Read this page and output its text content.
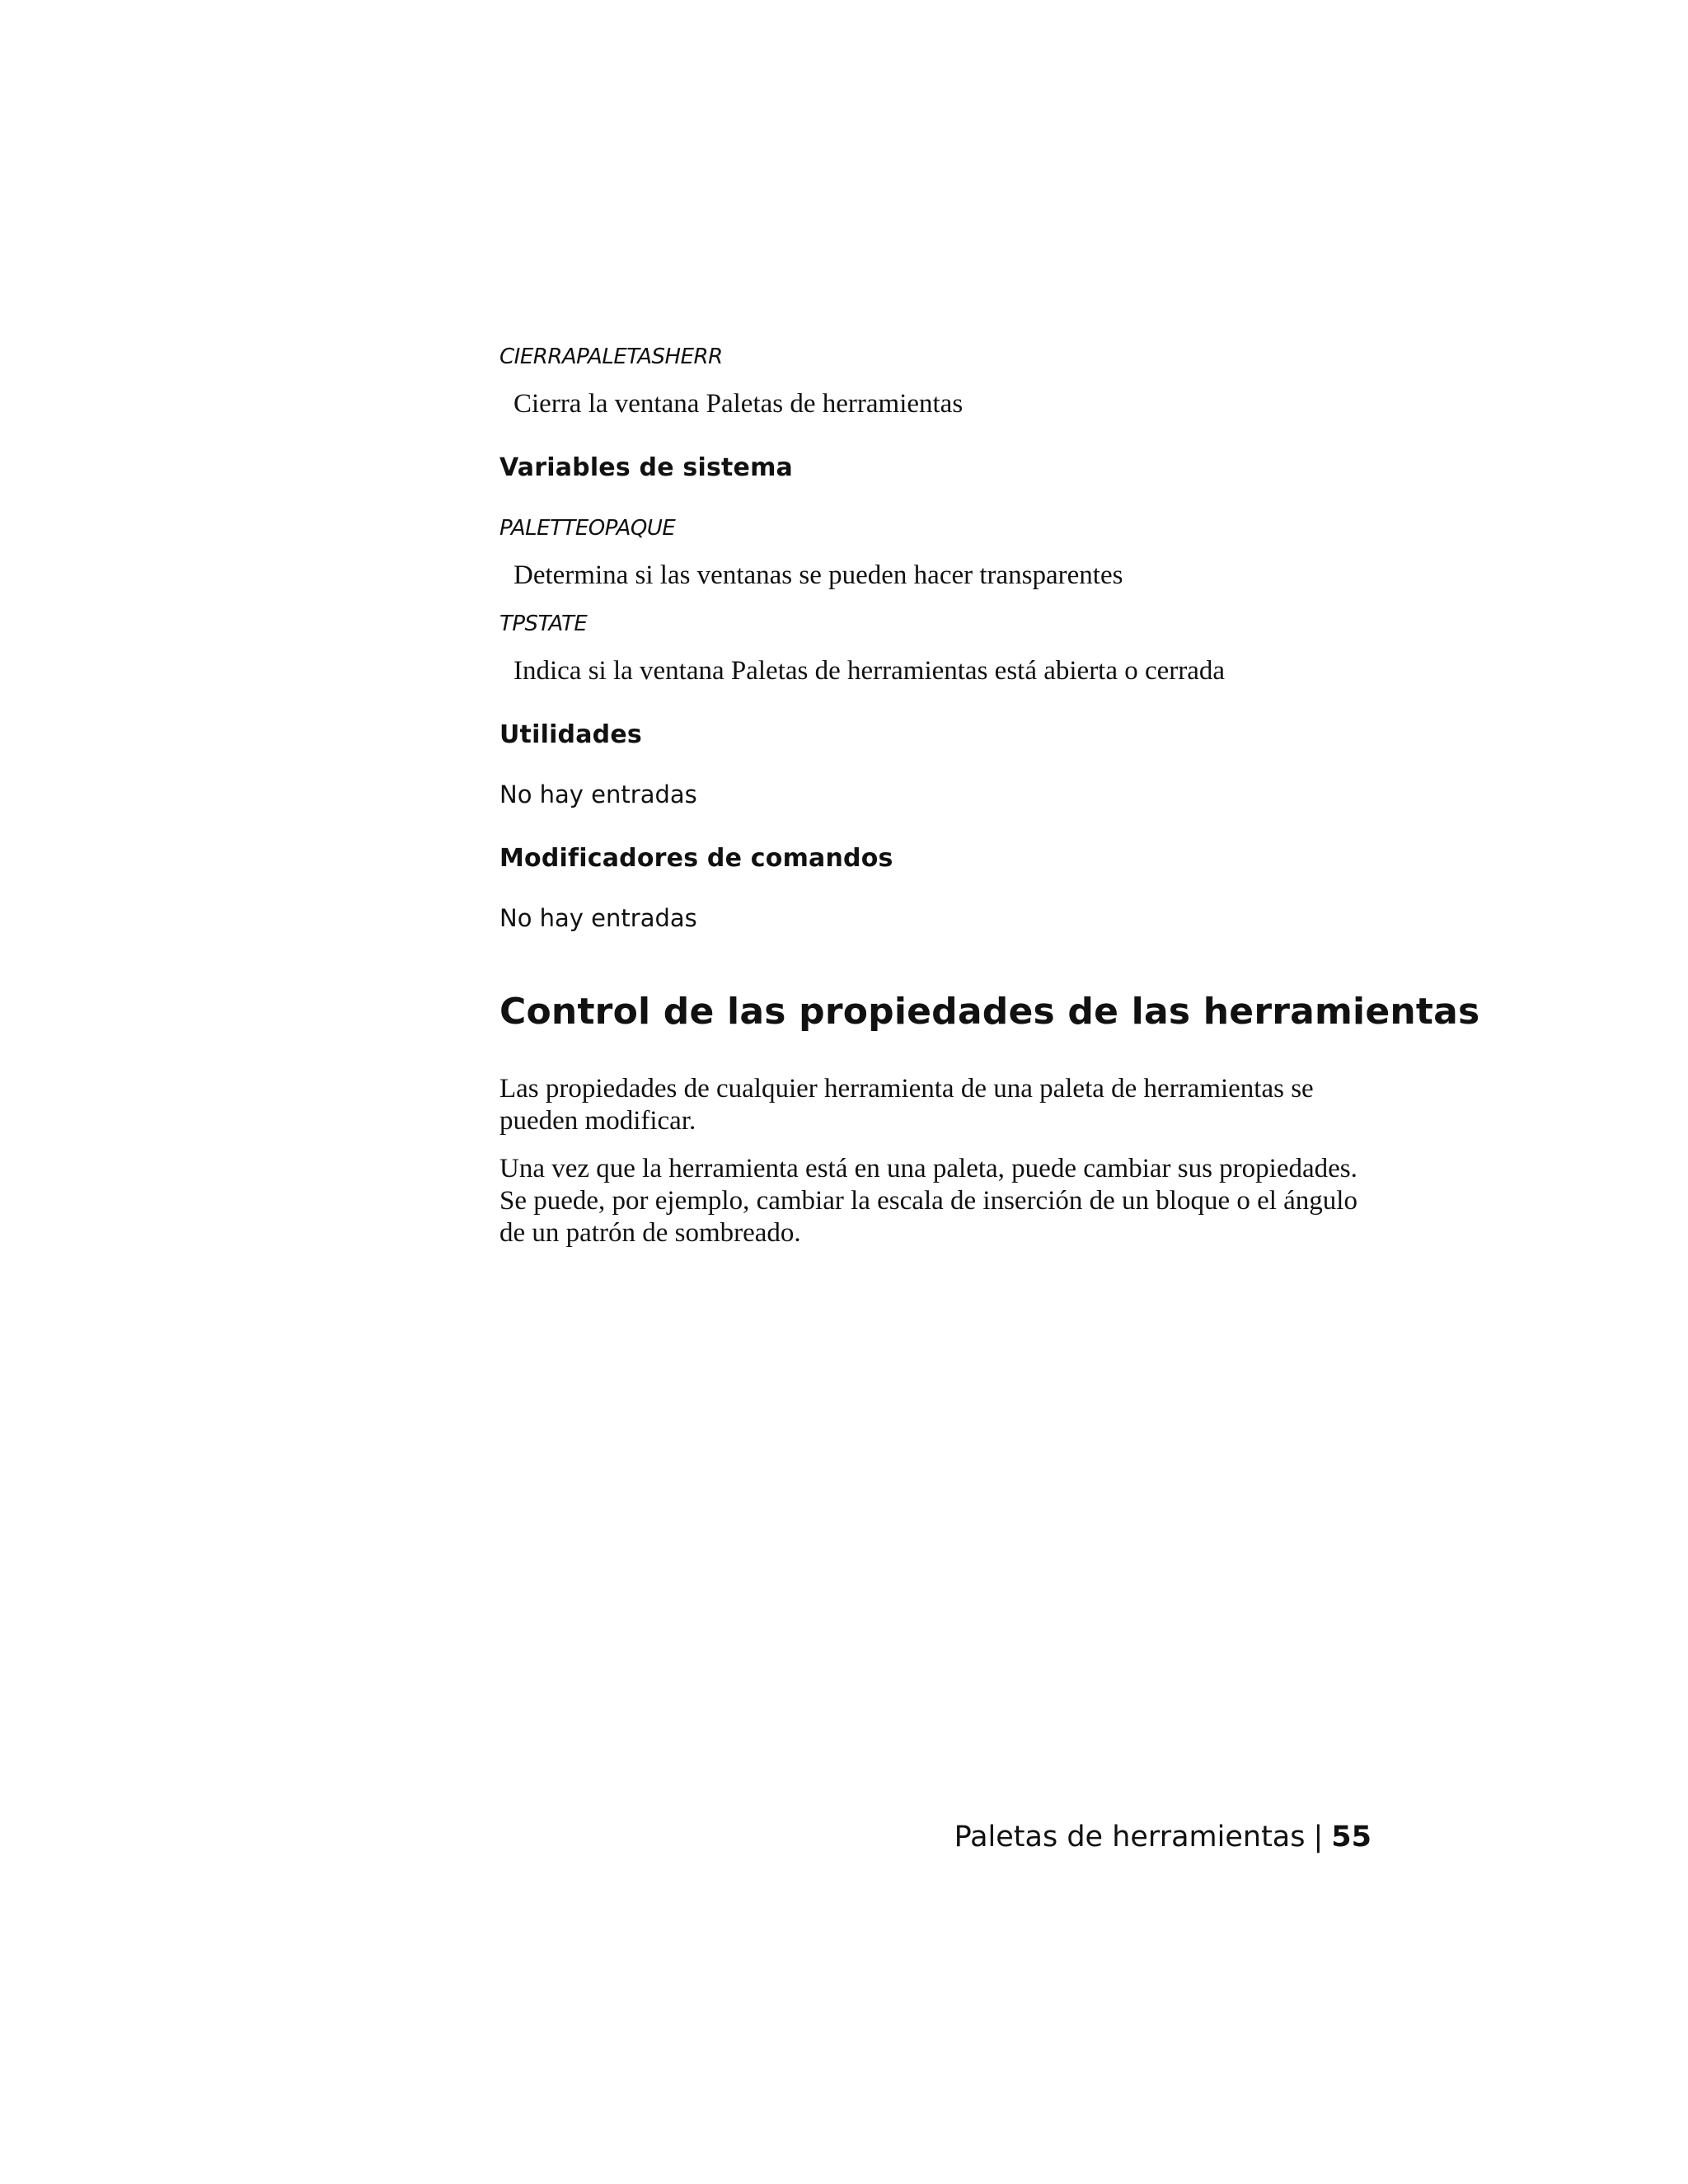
CIERRAPALETASHERR
Cierra la ventana Paletas de herramientas
Variables de sistema
PALETTEOPAQUE
Determina si las ventanas se pueden hacer transparentes
TPSTATE
Indica si la ventana Paletas de herramientas está abierta o cerrada
Utilidades
No hay entradas
Modificadores de comandos
No hay entradas
Control de las propiedades de las herramientas
Las propiedades de cualquier herramienta de una paleta de herramientas se pueden modificar.
Una vez que la herramienta está en una paleta, puede cambiar sus propiedades. Se puede, por ejemplo, cambiar la escala de inserción de un bloque o el ángulo de un patrón de sombreado.
Paletas de herramientas | 55
